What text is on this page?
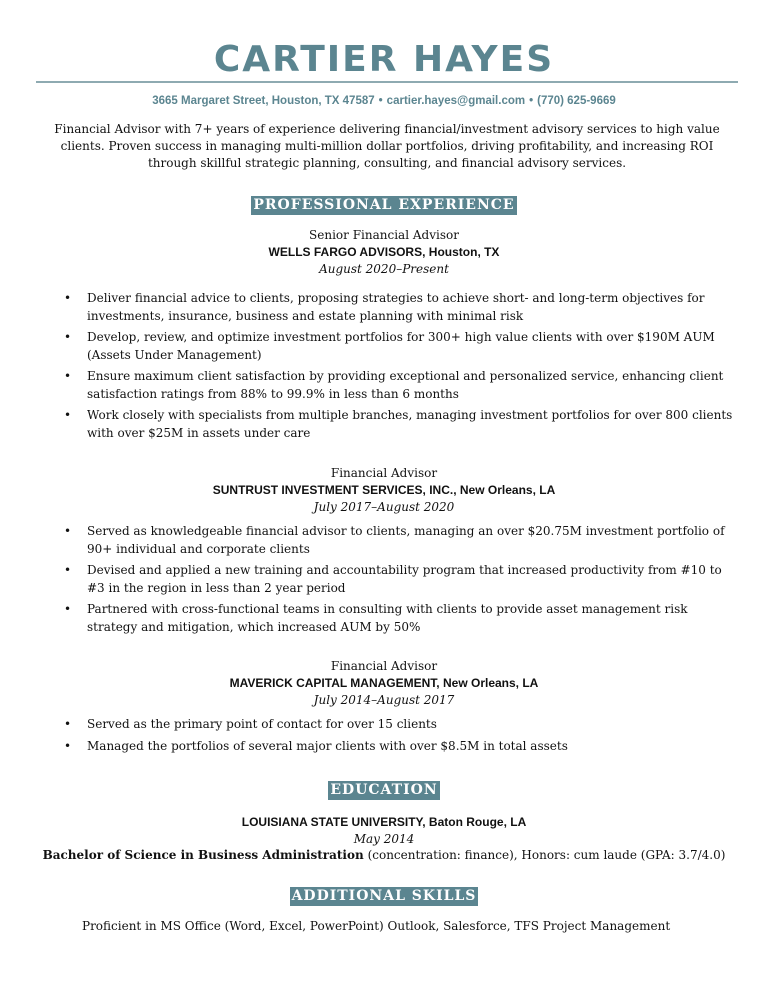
CARTIER HAYES
3665 Margaret Street, Houston, TX 47587 • cartier.hayes@gmail.com • (770) 625-9669
Financial Advisor with 7+ years of experience delivering financial/investment advisory services to high value clients. Proven success in managing multi-million dollar portfolios, driving profitability, and increasing ROI through skillful strategic planning, consulting, and financial advisory services.
PROFESSIONAL EXPERIENCE
Senior Financial Advisor
WELLS FARGO ADVISORS, Houston, TX
August 2020–Present
• Deliver financial advice to clients, proposing strategies to achieve short- and long-term objectives for investments, insurance, business and estate planning with minimal risk
• Develop, review, and optimize investment portfolios for 300+ high value clients with over $190M AUM (Assets Under Management)
• Ensure maximum client satisfaction by providing exceptional and personalized service, enhancing client satisfaction ratings from 88% to 99.9% in less than 6 months
• Work closely with specialists from multiple branches, managing investment portfolios for over 800 clients with over $25M in assets under care
Financial Advisor
SUNTRUST INVESTMENT SERVICES, INC., New Orleans, LA
July 2017–August 2020
• Served as knowledgeable financial advisor to clients, managing an over $20.75M investment portfolio of 90+ individual and corporate clients
• Devised and applied a new training and accountability program that increased productivity from #10 to #3 in the region in less than 2 year period
• Partnered with cross-functional teams in consulting with clients to provide asset management risk strategy and mitigation, which increased AUM by 50%
Financial Advisor
MAVERICK CAPITAL MANAGEMENT, New Orleans, LA
July 2014–August 2017
• Served as the primary point of contact for over 15 clients
• Managed the portfolios of several major clients with over $8.5M in total assets
EDUCATION
LOUISIANA STATE UNIVERSITY, Baton Rouge, LA
May 2014
Bachelor of Science in Business Administration (concentration: finance), Honors: cum laude (GPA: 3.7/4.0)
ADDITIONAL SKILLS
Proficient in MS Office (Word, Excel, PowerPoint) Outlook, Salesforce, TFS Project Management
